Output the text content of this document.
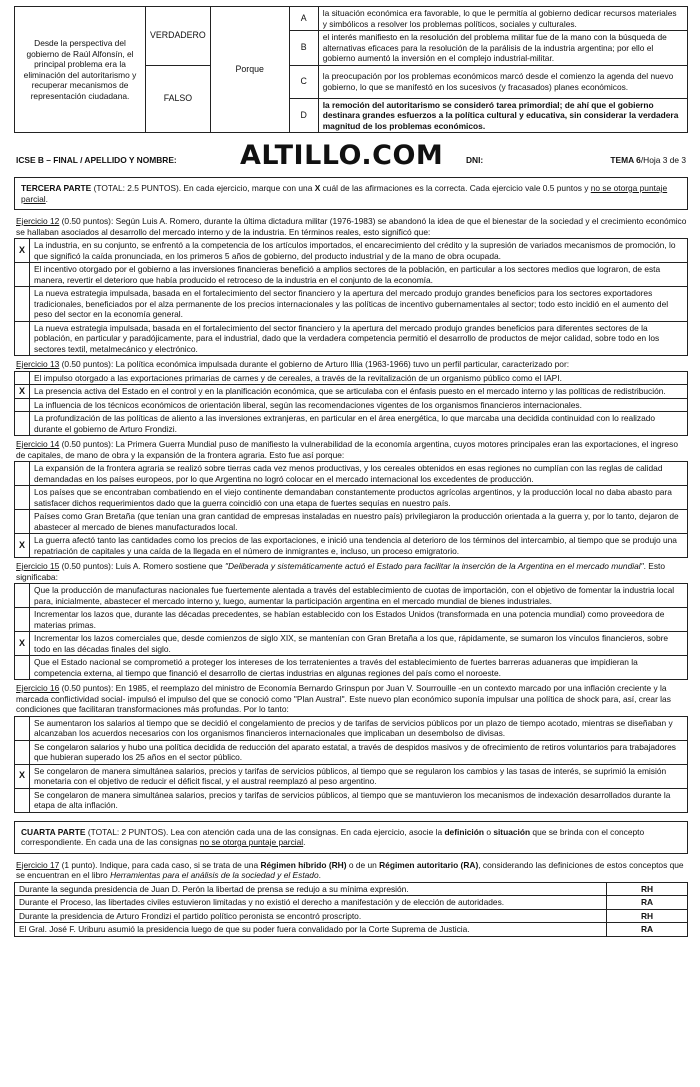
Desde la perspectiva del gobierno de Raúl Alfonsín, el principal problema era la eliminación del autoritarismo y recuperar mecanismos de representación ciudadana.	VERDADERO	Porque	A	la situación económica era favorable, lo que le permitía al gobierno dedicar recursos materiales y simbólicos a resolver los problemas políticos, sociales y culturales.
			B	el interés manifiesto en la resolución del problema militar fue de la mano con la búsqueda de alternativas eficaces para la resolución de la parálisis de la industria argentina; por ello el gobierno aumentó la inversión en el complejo industrial-militar.
	FALSO		C	la preocupación por los problemas económicos marcó desde el comienzo la agenda del nuevo gobierno, lo que se manifestó en los sucesivos (y fracasados) planes económicos.
			D	la remoción del autoritarismo se consideró tarea primordial; de ahí que el gobierno destinara grandes esfuerzos a la política cultural y educativa, sin considerar la verdadera magnitud de los problemas económicos.
ICSE B – FINAL / APELLIDO Y NOMBRE: ALTILLO.COM	DNI:	TEMA 6/Hoja 3 de 3
TERCERA PARTE (TOTAL: 2.5 PUNTOS). En cada ejercicio, marque con una X cuál de las afirmaciones es la correcta. Cada ejercicio vale 0.5 puntos y no se otorga puntaje parcial.
Ejercicio 12 (0.50 puntos): Según Luis A. Romero, durante la última dictadura militar (1976-1983) se abandonó la idea de que el bienestar de la sociedad y el crecimiento económico se hallaban asociados al desarrollo del mercado interno y de la industria. En términos reales, esto significó que:
X	La industria, en su conjunto, se enfrentó a la competencia de los artículos importados, el encarecimiento del crédito y la supresión de variados mecanismos de promoción, lo que significó la caída pronunciada, en los primeros 5 años de gobierno, del producto industrial y de la mano de obra ocupada.
	El incentivo otorgado por el gobierno a las inversiones financieras benefició a amplios sectores de la población, en particular a los sectores medios que lograron, de esta manera, revertir el deterioro que había producido el retroceso de la industria en el conjunto de la economía.
	La nueva estrategia impulsada, basada en el fortalecimiento del sector financiero y la apertura del mercado produjo grandes beneficios para los sectores exportadores tradicionales, beneficiados por el alza permanente de los precios internacionales y las políticas de incentivo gubernamentales al sector; todo esto incidió en el aumento del peso del sector en la economía general.
	La nueva estrategia impulsada, basada en el fortalecimiento del sector financiero y la apertura del mercado produjo grandes beneficios para diferentes sectores de la población, en particular y paradójicamente, para el industrial, dado que la verdadera competencia permitió el desarrollo de productos de mejor calidad, sobre todo en los sectores textil, metalmecánico y electrónico.
Ejercicio 13 (0.50 puntos): La política económica impulsada durante el gobierno de Arturo Illia (1963-1966) tuvo un perfil particular, caracterizado por:
	El impulso otorgado a las exportaciones primarias de carnes y de cereales, a través de la revitalización de un organismo público como el IAPI.
X	La presencia activa del Estado en el control y en la planificación económica, que se articulaba con el énfasis puesto en el mercado interno y las políticas de redistribución.
	La influencia de los técnicos económicos de orientación liberal, según las recomendaciones vigentes de los organismos financieros internacionales.
	La profundización de las políticas de aliento a las inversiones extranjeras, en particular en el área energética, lo que marcaba una decidida continuidad con lo realizado durante el gobierno de Arturo Frondizi.
Ejercicio 14 (0.50 puntos): La Primera Guerra Mundial puso de manifiesto la vulnerabilidad de la economía argentina, cuyos motores principales eran las exportaciones, el ingreso de capitales, de mano de obra y la expansión de la frontera agraria. Esto fue así porque:
	La expansión de la frontera agraria se realizó sobre tierras cada vez menos productivas, y los cereales obtenidos en esas regiones no cumplían con las reglas de calidad demandadas en los países europeos, por lo que Argentina no logró colocar en el mercado internacional los excedentes de producción.
	Los países que se encontraban combatiendo en el viejo continente demandaban constantemente productos agrícolas argentinos, y la producción local no daba abasto para satisfacer dichos requerimientos dado que la guerra coincidió con una etapa de fuertes sequías en nuestro país.
	Países como Gran Bretaña (que tenían una gran cantidad de empresas instaladas en nuestro país) privilegiaron la producción orientada a la guerra y, por lo tanto, dejaron de abastecer al mercado de bienes manufacturados local.
X	La guerra afectó tanto las cantidades como los precios de las exportaciones, e inició una tendencia al deterioro de los términos del intercambio, al tiempo que se produjo una repatriación de capitales y una caída de la llegada en el número de inmigrantes e, incluso, un proceso emigratorio.
Ejercicio 15 (0.50 puntos): Luis A. Romero sostiene que "Deliberada y sistemáticamente actuó el Estado para facilitar la inserción de la Argentina en el mercado mundial". Esto significaba:
	Que la producción de manufacturas nacionales fue fuertemente alentada a través del establecimiento de cuotas de importación, con el objetivo de fomentar la industria local para, inicialmente, abastecer el mercado interno y, luego, aumentar la participación argentina en el mercado mundial de bienes industriales.
	Incrementar los lazos que, durante las décadas precedentes, se habían establecido con los Estados Unidos (transformada en una potencia mundial) como proveedora de materias primas.
X	Incrementar los lazos comerciales que, desde comienzos de siglo XIX, se mantenían con Gran Bretaña a los que, rápidamente, se sumaron los vínculos financieros, sobre todo en las décadas finales del siglo.
	Que el Estado nacional se comprometió a proteger los intereses de los terratenientes a través del establecimiento de fuertes barreras aduaneras que impidieran la competencia externa, al tiempo que financió el desarrollo de ciertas industrias en algunas regiones del país como el noroeste.
Ejercicio 16 (0.50 puntos): En 1985, el reemplazo del ministro de Economía Bernardo Grinspun por Juan V. Sourrouille -en un contexto marcado por una inflación creciente y la marcada conflictividad social- impulsó el impulso del que se conoció como "Plan Austral". Este nuevo plan económico suponía impulsar una política de shock para, así, crear las condiciones que facilitaran transformaciones más profundas. Por lo tanto:
	Se aumentaron los salarios al tiempo que se decidió el congelamiento de precios y de tarifas de servicios públicos por un plazo de tiempo acotado, mientras se diseñaban y alcanzaban los acuerdos necesarios con los organismos financieros internacionales que implicaban un desembolso de divisas.
	Se congelaron salarios y hubo una política decidida de reducción del aparato estatal, a través de despidos masivos y de ofrecimiento de retiros voluntarios para trabajadores que hubieran superado los 25 años en el sector público.
X	Se congelaron de manera simultánea salarios, precios y tarifas de servicios públicos, al tiempo que se regularon los cambios y las tasas de interés, se suprimió la emisión monetaria con el objetivo de reducir el déficit fiscal, y el austral reemplazó al peso argentino.
	Se congelaron de manera simultánea salarios, precios y tarifas de servicios públicos, al tiempo que se mantuvieron los mecanismos de indexación desarrollados durante la etapa de alta inflación.
CUARTA PARTE (TOTAL: 2 PUNTOS). Lea con atención cada una de las consignas. En cada ejercicio, asocie la definición o situación que se brinda con el concepto correspondiente. En cada una de las consignas no se otorga puntaje parcial.
Ejercicio 17 (1 punto). Indique, para cada caso, si se trata de una Régimen híbrido (RH) o de un Régimen autoritario (RA), considerando las definiciones de estos conceptos que se encuentran en el libro Herramientas para el análisis de la sociedad y el Estado.
Durante la segunda presidencia de Juan D. Perón la libertad de prensa se redujo a su mínima expresión.	RH
Durante el Proceso, las libertades civiles estuvieron limitadas y no existió el derecho a manifestación y de elección de autoridades.	RA
Durante la presidencia de Arturo Frondizi el partido político peronista se encontró proscripto.	RH
El Gral. José F. Uriburu asumió la presidencia luego de que su poder fuera convalidado por la Corte Suprema de Justicia.	RA
